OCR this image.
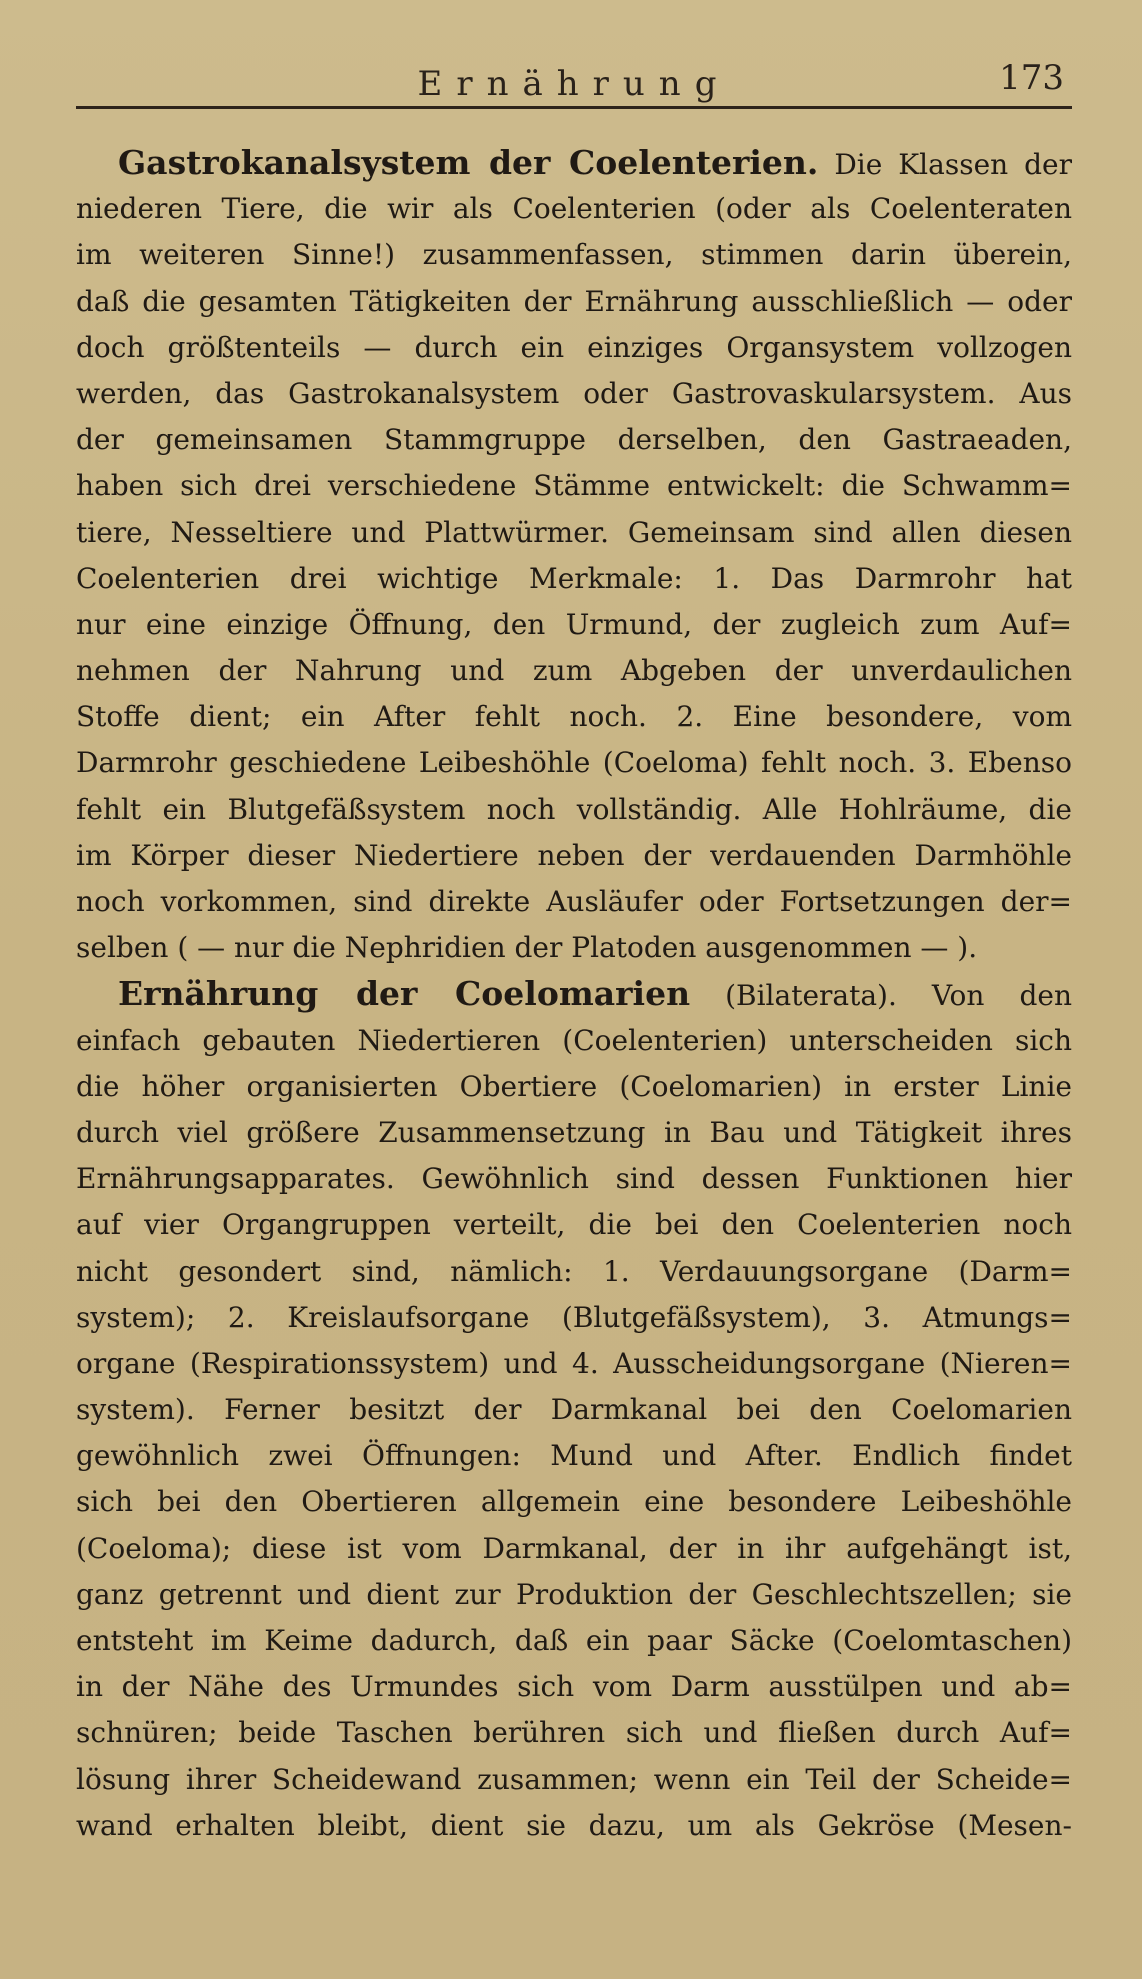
Ernährung	173
Gastrokanalsystem der Coelenterien. Die Klassen der
niederen Tiere, die wir als Coelenterien (oder als Coelenteraten
im weiteren Sinne!) zusammenfassen, stimmen darin überein,
daß die gesamten Tätigkeiten der Ernährung ausschließlich — oder
doch größtenteils — durch ein einziges Organsystem vollzogen
werden, das Gastrokanalsystem oder Gastrovaskularsystem. Aus
der gemeinsamen Stammgruppe derselben, den Gastraeaden,
haben sich drei verschiedene Stämme entwickelt: die Schwamm=
tiere, Nesseltiere und Plattwürmer. Gemeinsam sind allen diesen
Coelenterien drei wichtige Merkmale: 1. Das Darmrohr hat
nur eine einzige Öffnung, den Urmund, der zugleich zum Auf=
nehmen der Nahrung und zum Abgeben der unverdaulichen
Stoffe dient; ein After fehlt noch. 2. Eine besondere, vom
Darmrohr geschiedene Leibeshöhle (Coeloma) fehlt noch. 3. Ebenso
fehlt ein Blutgefäßsystem noch vollständig. Alle Hohlräume, die
im Körper dieser Niedertiere neben der verdauenden Darmhöhle
noch vorkommen, sind direkte Ausläufer oder Fortsetzungen der=
selben ( — nur die Nephridien der Platoden ausgenommen — ).
Ernährung der Coelomarien (Bilaterata). Von den
einfach gebauten Niedertieren (Coelenterien) unterscheiden sich
die höher organisierten Obertiere (Coelomarien) in erster Linie
durch viel größere Zusammensetzung in Bau und Tätigkeit ihres
Ernährungsapparates. Gewöhnlich sind dessen Funktionen hier
auf vier Organgruppen verteilt, die bei den Coelenterien noch
nicht gesondert sind, nämlich: 1. Verdauungsorgane (Darm=
system); 2. Kreislaufsorgane (Blutgefäßsystem), 3. Atmungs=
organe (Respirationssystem) und 4. Ausscheidungsorgane (Nieren=
system). Ferner besitzt der Darmkanal bei den Coelomarien
gewöhnlich zwei Öffnungen: Mund und After. Endlich findet
sich bei den Obertieren allgemein eine besondere Leibeshöhle
(Coeloma); diese ist vom Darmkanal, der in ihr aufgehängt ist,
ganz getrennt und dient zur Produktion der Geschlechtszellen; sie
entsteht im Keime dadurch, daß ein paar Säcke (Coelomtaschen)
in der Nähe des Urmundes sich vom Darm ausstülpen und ab=
schnüren; beide Taschen berühren sich und fließen durch Auf=
lösung ihrer Scheidewand zusammen; wenn ein Teil der Scheide=
wand erhalten bleibt, dient sie dazu, um als Gekröse (Mesen-
